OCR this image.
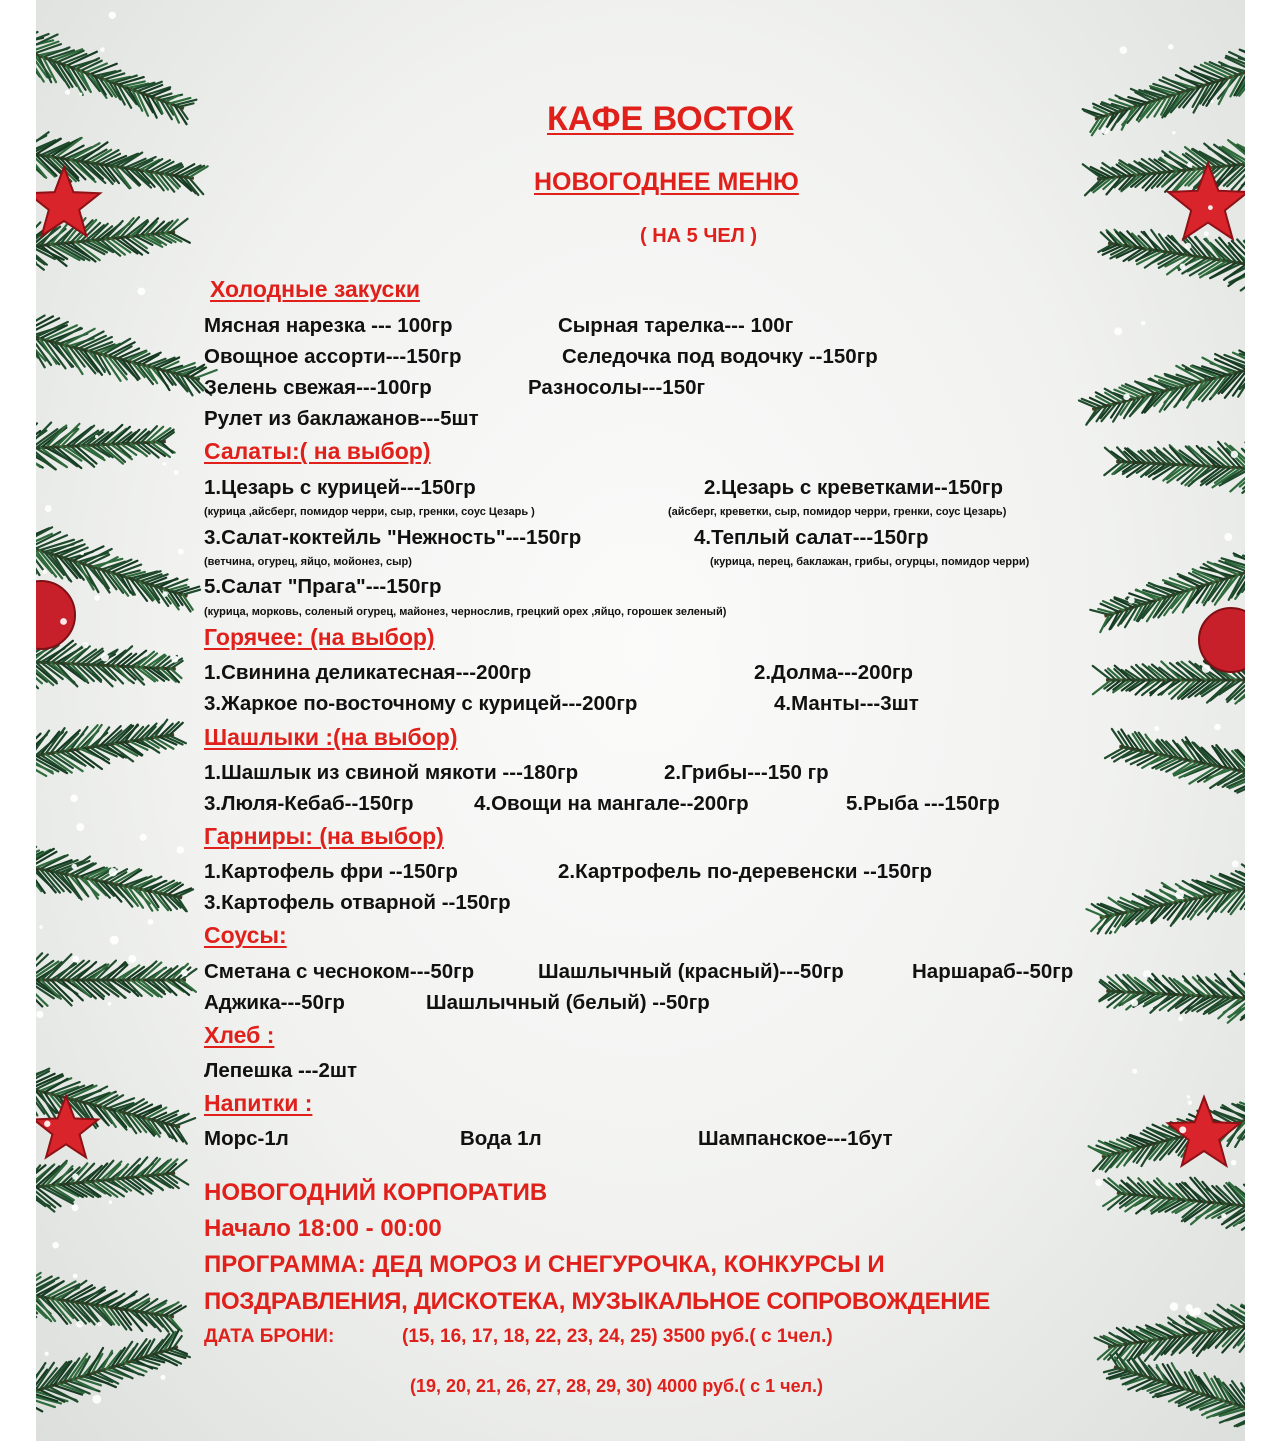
КАФЕ ВОСТОК
НОВОГОДНЕЕ МЕНЮ
( НА 5 ЧЕЛ )
Холодные закуски
Мясная нарезка --- 100гр	Сырная тарелка--- 100г
Овощное ассорти---150гр	Селедочка под водочку --150гр
Зелень свежая---100гр	Разносолы---150г
Рулет из баклажанов---5шт
Салаты:( на выбор)
1.Цезарь с курицей---150гр	2.Цезарь с креветками--150гр
(курица ,айсберг, помидор черри, сыр, гренки, соус Цезарь )	(айсберг, креветки, сыр, помидор черри, гренки, соус Цезарь)
3.Салат-коктейль "Нежность"---150гр	4.Теплый салат---150гр
(ветчина, огурец, яйцо, мойонез, сыр)	(курица, перец, баклажан, грибы, огурцы, помидор черри)
5.Салат "Прага"---150гр
(курица, морковь, соленый огурец, майонез, чернослив, грецкий орех ,яйцо, горошек зеленый)
Горячее: (на выбор)
1.Свинина деликатесная---200гр	2.Долма---200гр
3.Жаркое по-восточному с курицей---200гр	4.Манты---3шт
Шашлыки :(на выбор)
1.Шашлык из свиной мякоти ---180гр	2.Грибы---150 гр
3.Люля-Кебаб--150гр	4.Овощи на мангале--200гр	5.Рыба ---150гр
Гарниры: (на выбор)
1.Картофель фри --150гр	2.Картрофель по-деревенски --150гр
3.Картофель отварной --150гр
Соусы:
Сметана с чесноком---50гр	Шашлычный (красный)---50гр	Наршараб--50гр
Аджика---50гр	Шашлычный (белый) --50гр
Хлеб :
Лепешка ---2шт
Напитки :
Морс-1л	Вода 1л	Шампанское---1бут
НОВОГОДНИЙ КОРПОРАТИВ
Начало 18:00 - 00:00
ПРОГРАММА: ДЕД МОРОЗ И СНЕГУРОЧКА, КОНКУРСЫ И
ПОЗДРАВЛЕНИЯ, ДИСКОТЕКА, МУЗЫКАЛЬНОЕ СОПРОВОЖДЕНИЕ
ДАТА БРОНИ:	(15, 16, 17, 18, 22, 23, 24, 25) 3500 руб.( с 1чел.)
(19, 20, 21, 26, 27, 28, 29, 30) 4000 руб.( с 1 чел.)
